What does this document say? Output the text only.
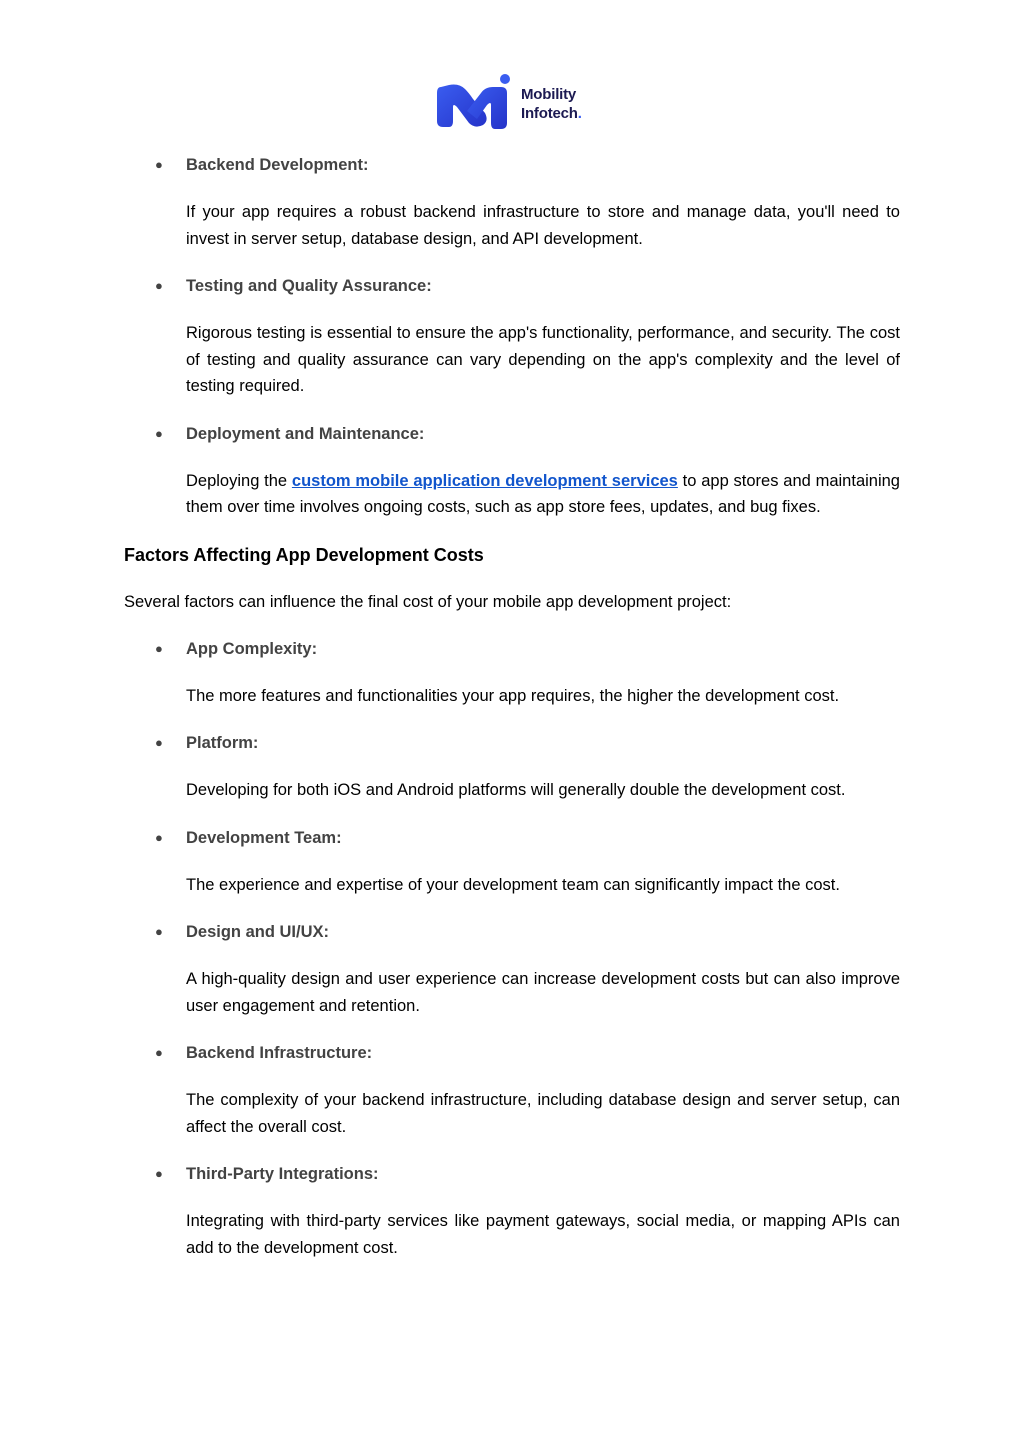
Mobility
Infotech.

● Backend Development:

If your app requires a robust backend infrastructure to store and manage data, you'll need to invest in server setup, database design, and API development.

● Testing and Quality Assurance:

Rigorous testing is essential to ensure the app's functionality, performance, and security. The cost of testing and quality assurance can vary depending on the app's complexity and the level of testing required.

● Deployment and Maintenance:

Deploying the custom mobile application development services to app stores and maintaining them over time involves ongoing costs, such as app store fees, updates, and bug fixes.

Factors Affecting App Development Costs

Several factors can influence the final cost of your mobile app development project:

● App Complexity:

The more features and functionalities your app requires, the higher the development cost.

● Platform:

Developing for both iOS and Android platforms will generally double the development cost.

● Development Team:

The experience and expertise of your development team can significantly impact the cost.

● Design and UI/UX:

A high-quality design and user experience can increase development costs but can also improve user engagement and retention.

● Backend Infrastructure:

The complexity of your backend infrastructure, including database design and server setup, can affect the overall cost.

● Third-Party Integrations:

Integrating with third-party services like payment gateways, social media, or mapping APIs can add to the development cost.
